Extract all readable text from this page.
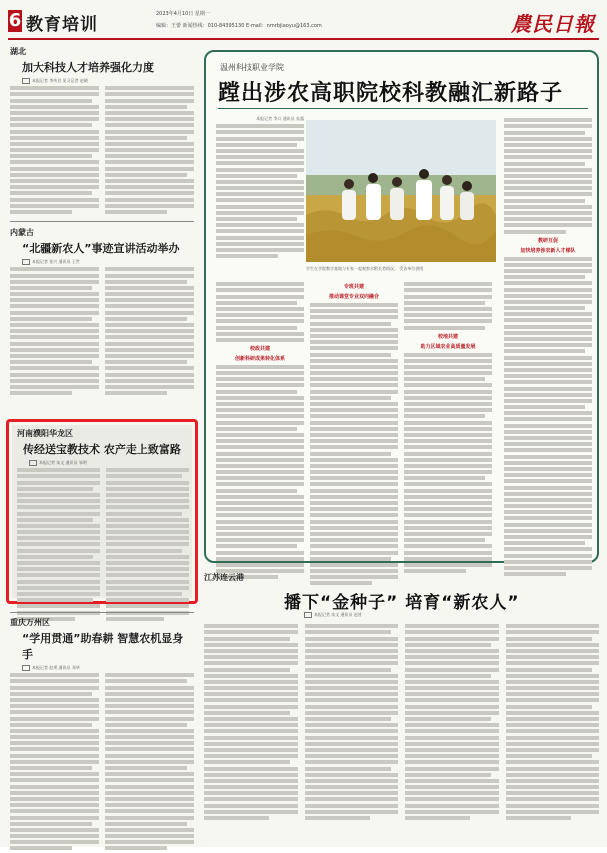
6 教育培训
2023年4月10日 星期一
编辑：王蕾 新闻热线：010-84395130 E-mail：nmrbjiaoyu@163.com	農民日報
湖北
加大科技人才培养强化力度
本报记者 李传君 见习记者 赵晓
内蒙古
“北疆新农人”事迹宣讲活动举办
本报记者 张兴 通讯员 王世
河南濮阳华龙区
传经送宝教技术 农产走上致富路
本报记者 朱文 通讯员 邹明
重庆万州区
“学用贯通”助春耕 智慧农机显身手
本报记者 赵勇 通讯员 邓华
温州科技职业学院
蹚出涉农高职院校科教融汇新路子
本报记者 李兵 通讯员 朱露
学生在学院教学基地与专家一起观察水稻长势情况。 受访单位供图
教研互促
加快培养涉农新人才梯队
校政共建
创新科研成果转化体系
专班共建
推动课堂专业双向融合
校地共建
助力区域农业高质量发展
江苏连云港
播下“金种子” 培育“新农人”
本报记者 朱文 通讯员 赵晋
